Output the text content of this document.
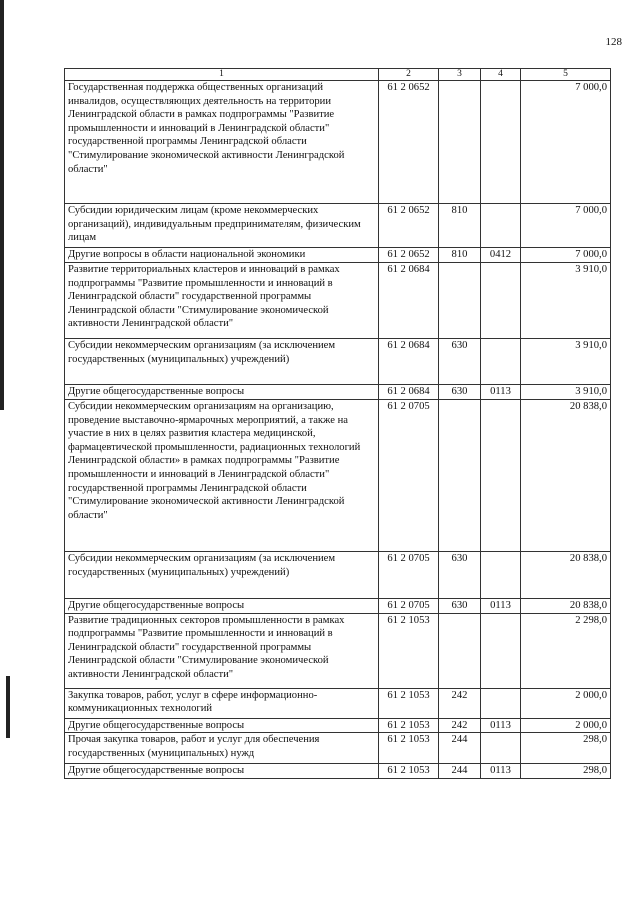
128
1	2	3	4	5
Государственная поддержка общественных организаций инвалидов, осуществляющих деятельность на территории Ленинградской области в рамках подпрограммы "Развитие промышленности и инноваций в Ленинградской области" государственной программы Ленинградской области "Стимулирование экономической активности Ленинградской области"	61 2 0652			7 000,0
Субсидии юридическим лицам (кроме некоммерческих организаций), индивидуальным предпринимателям, физическим лицам	61 2 0652	810		7 000,0
Другие вопросы в области национальной экономики	61 2 0652	810	0412	7 000,0
Развитие территориальных кластеров и инноваций в рамках подпрограммы "Развитие промышленности и инноваций в Ленинградской области" государственной программы Ленинградской области "Стимулирование экономической активности Ленинградской области"	61 2 0684			3 910,0
Субсидии некоммерческим организациям (за исключением государственных (муниципальных) учреждений)	61 2 0684	630		3 910,0
Другие общегосударственные вопросы	61 2 0684	630	0113	3 910,0
Субсидии некоммерческим организациям на организацию, проведение выставочно-ярмарочных мероприятий, а также на участие в них в целях развития кластера медицинской, фармацевтической промышленности, радиационных технологий Ленинградской области» в рамках подпрограммы "Развитие промышленности и инноваций в Ленинградской области" государственной программы Ленинградской области "Стимулирование экономической активности Ленинградской области"	61 2 0705			20 838,0
Субсидии некоммерческим организациям (за исключением государственных (муниципальных) учреждений)	61 2 0705	630		20 838,0
Другие общегосударственные вопросы	61 2 0705	630	0113	20 838,0
Развитие традиционных секторов промышленности в рамках подпрограммы "Развитие промышленности и инноваций в Ленинградской области" государственной программы Ленинградской области "Стимулирование экономической активности Ленинградской области"	61 2 1053			2 298,0
Закупка товаров, работ, услуг в сфере информационно-коммуникационных технологий	61 2 1053	242		2 000,0
Другие общегосударственные вопросы	61 2 1053	242	0113	2 000,0
Прочая закупка товаров, работ и услуг для обеспечения государственных (муниципальных) нужд	61 2 1053	244		298,0
Другие общегосударственные вопросы	61 2 1053	244	0113	298,0
